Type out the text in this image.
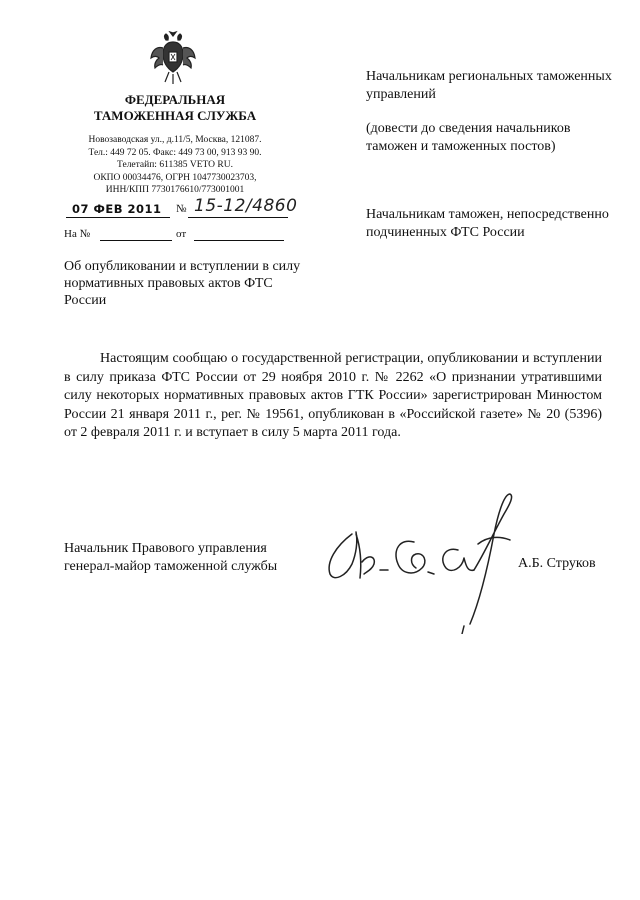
ФЕДЕРАЛЬНАЯ
ТАМОЖЕННАЯ СЛУЖБА
Новозаводская ул., д.11/5, Москва, 121087.
Тел.: 449 72 05. Факс: 449 73 00, 913 93 90.
Телетайп: 611385 VETO RU.
ОКПО 00034476, ОГРН 1047730023703,
ИНН/КПП 7730176610/773001001
07 ФЕВ 2011	№ 15-12/4860
На №	от
Об опубликовании и вступлении в силу нормативных правовых актов ФТС России
Начальникам региональных таможенных управлений
(довести до сведения начальников таможен и таможенных постов)
Начальникам таможен, непосредственно подчиненных ФТС России

Настоящим сообщаю о государственной регистрации, опубликовании и вступлении в силу приказа ФТС России от 29 ноября 2010 г. № 2262 «О признании утратившими силу некоторых нормативных правовых актов ГТК России» зарегистрирован Минюстом России 21 января 2011 г., рег. № 19561, опубликован в «Российской газете» № 20 (5396) от 2 февраля 2011 г. и вступает в силу 5 марта 2011 года.

Начальник Правового управления
генерал-майор таможенной службы	А.Б. Струков
